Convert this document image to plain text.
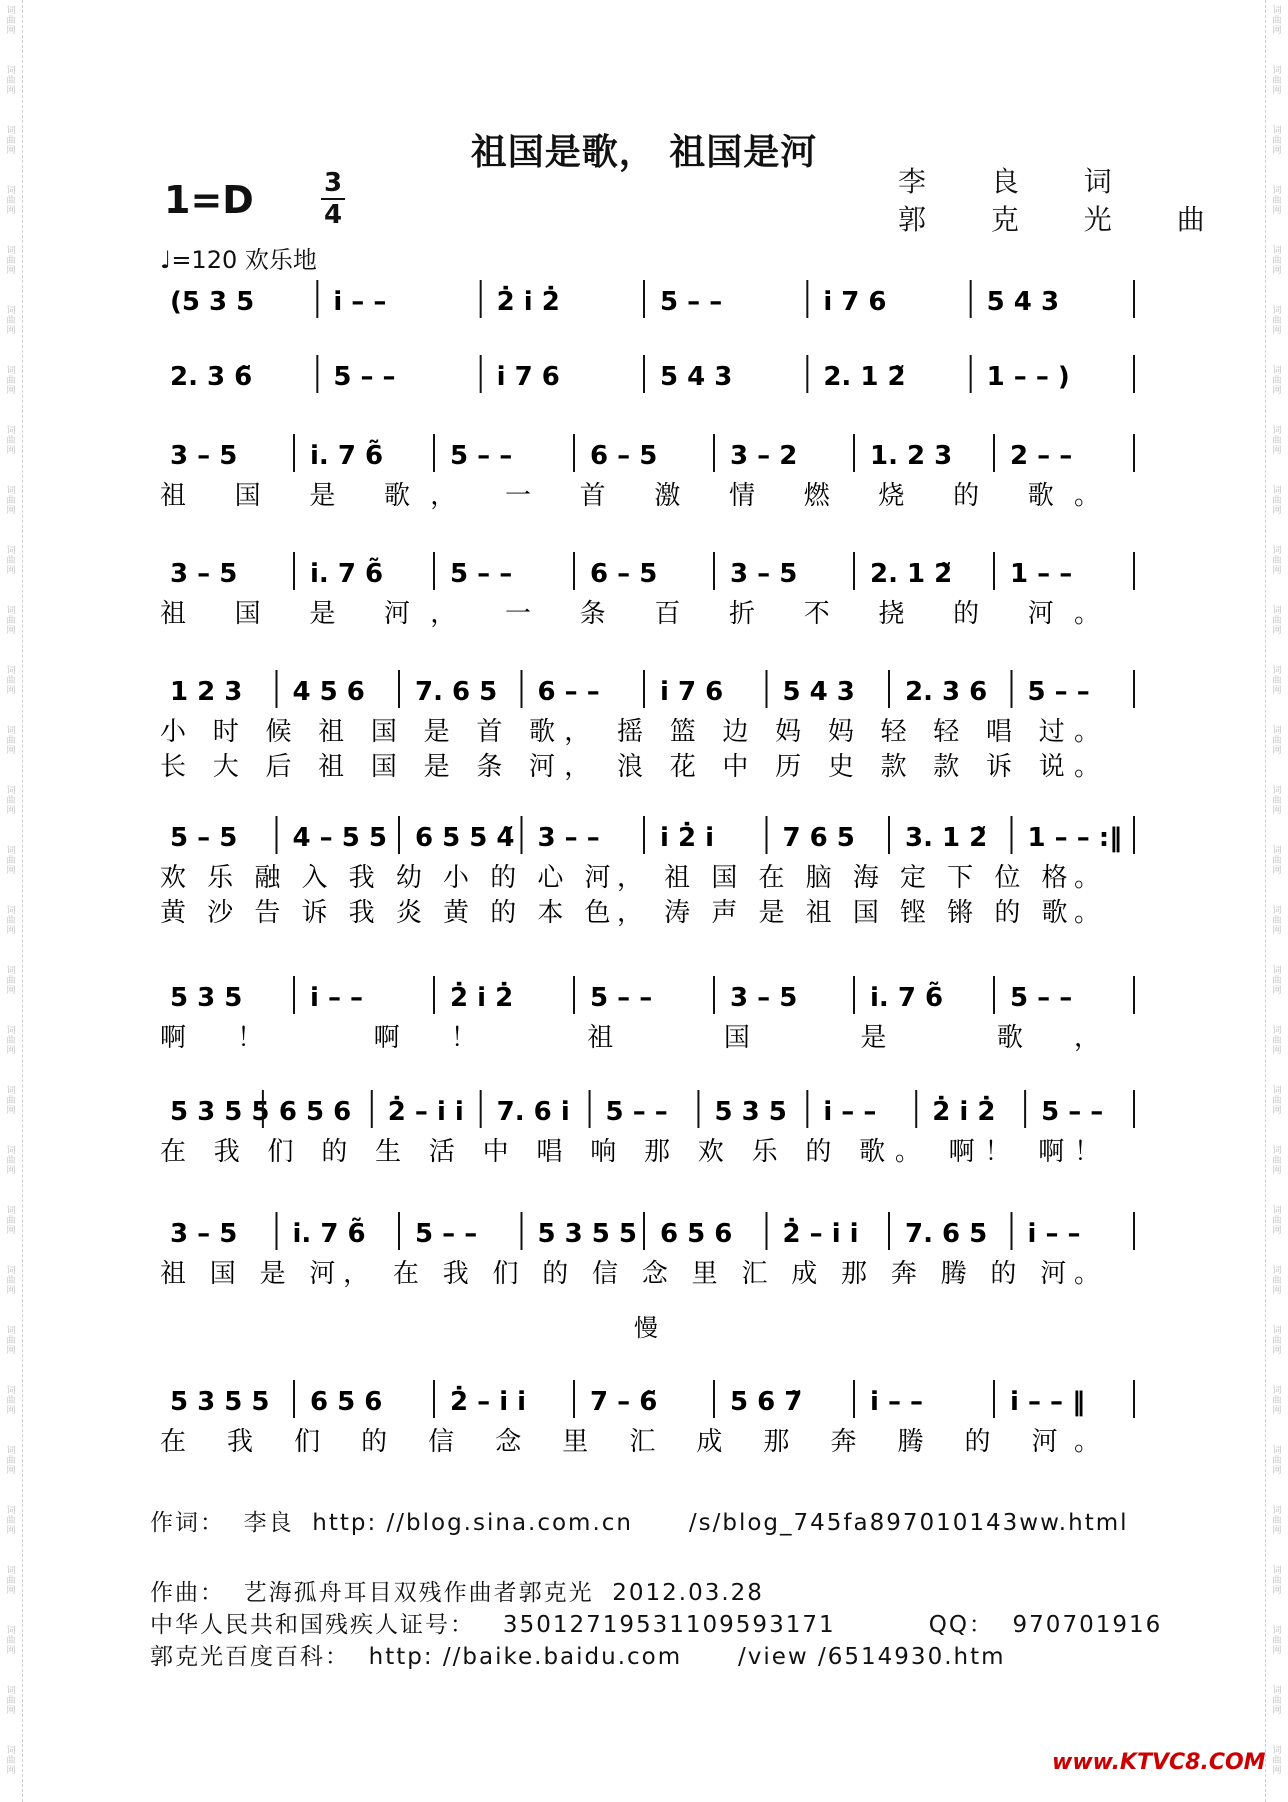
词曲网
词曲网
词曲网
词曲网
词曲网
词曲网
词曲网
词曲网
词曲网
词曲网
词曲网
词曲网
词曲网
词曲网
词曲网
词曲网
词曲网
词曲网
词曲网
词曲网
词曲网
词曲网
词曲网
词曲网
词曲网
词曲网
词曲网
词曲网
词曲网
词曲网
词曲网
词曲网
词曲网
词曲网
词曲网
词曲网
词曲网
词曲网
词曲网
词曲网
词曲网
词曲网
词曲网
词曲网
词曲网
词曲网
词曲网
词曲网
词曲网
词曲网
词曲网
词曲网
词曲网
词曲网
词曲网
词曲网
词曲网
词曲网
词曲网
词曲网
祖国是歌， 祖国是河
1=D	3
4
李 良 词
郭 克 光 曲
♩=120 欢乐地
(5 3 5	i̇ – –	2̇ i̇ 2̇	5 – –	i̇ 7 6	5 4 3
2. 3 6̃	5 – –	i̇ 7 6	5 4 3	2. 1 2̃	1 – – )
3 – 5	i̇. 7 6̃	5 – –	6 – 5	3 – 2	1. 2 3 2 – –
3 – 5	i̇. 7 6̃	5 – –	6 – 5	3 – 5	2. 1 2̃ 1 – –
1 2 3 4 5 6 7. 6 5 6 – – i̇ 7 6 5 4 3 2. 3 6 5 – –
5 – 5 4 – 5 5 6 5 5 4̃ 3 – – i̇ 2̇ i̇	7 6 5 3. 1 2̃ 1 – – :‖
5 3 5	i̇ – –	2̇ i̇ 2̇	5 – –	3 – 5	i̇. 7 6̃	5 – –
5 3 5 5 6 5 6 2̇ – i̇ i̇ 7. 6 i̇ 5 – – 5 3 5 i̇ – – 2̇ i̇ 2̇ 5 – –
3 – 5 i̇. 7 6̃ 5 – – 5 3 5 5 6 5 6 2̇ – i̇ i̇ 7. 6 5 i̇ – –
5 3 5 5 6 5 6	2̇ – i̇ i̇ 7 – 6̃	5 6 7̃	i̇ – –	i̇ – – ‖
祖 国 是 歌， 一 首 激 情 燃 烧 的 歌。
祖 国 是 河， 一 条 百 折 不 挠 的 河。
小 时 候 祖 国 是 首 歌， 摇 篮 边 妈 妈 轻 轻 唱 过。
长 大 后 祖 国 是 条 河， 浪 花 中 历 史 款 款 诉 说。
欢 乐 融 入 我 幼 小 的 心 河， 祖 国 在 脑 海 定 下 位 格。
黄 沙 告 诉 我 炎 黄 的 本 色， 涛 声 是 祖 国 铿 锵 的 歌。
啊！ 啊！ 祖 国 是 歌，
在 我 们 的 生 活 中 唱 响 那 欢 乐 的 歌。 啊！ 啊！
祖 国 是 河， 在 我 们 的 信 念 里 汇 成 那 奔 腾 的 河。
在 我 们 的 信 念 里 汇 成 那 奔 腾 的 河。
慢
作词：  李良  http: //blog.sina.com.cn      /s/blog_745fa897010143ww.html
作曲：  艺海孤舟耳目双残作曲者郭克光  2012.03.28
中华人民共和国残疾人证号：   35012719531109593171          QQ：  970701916
郭克光百度百科：  http: //baike.baidu.com      /view /6514930.htm
www.KTVC8.COM
